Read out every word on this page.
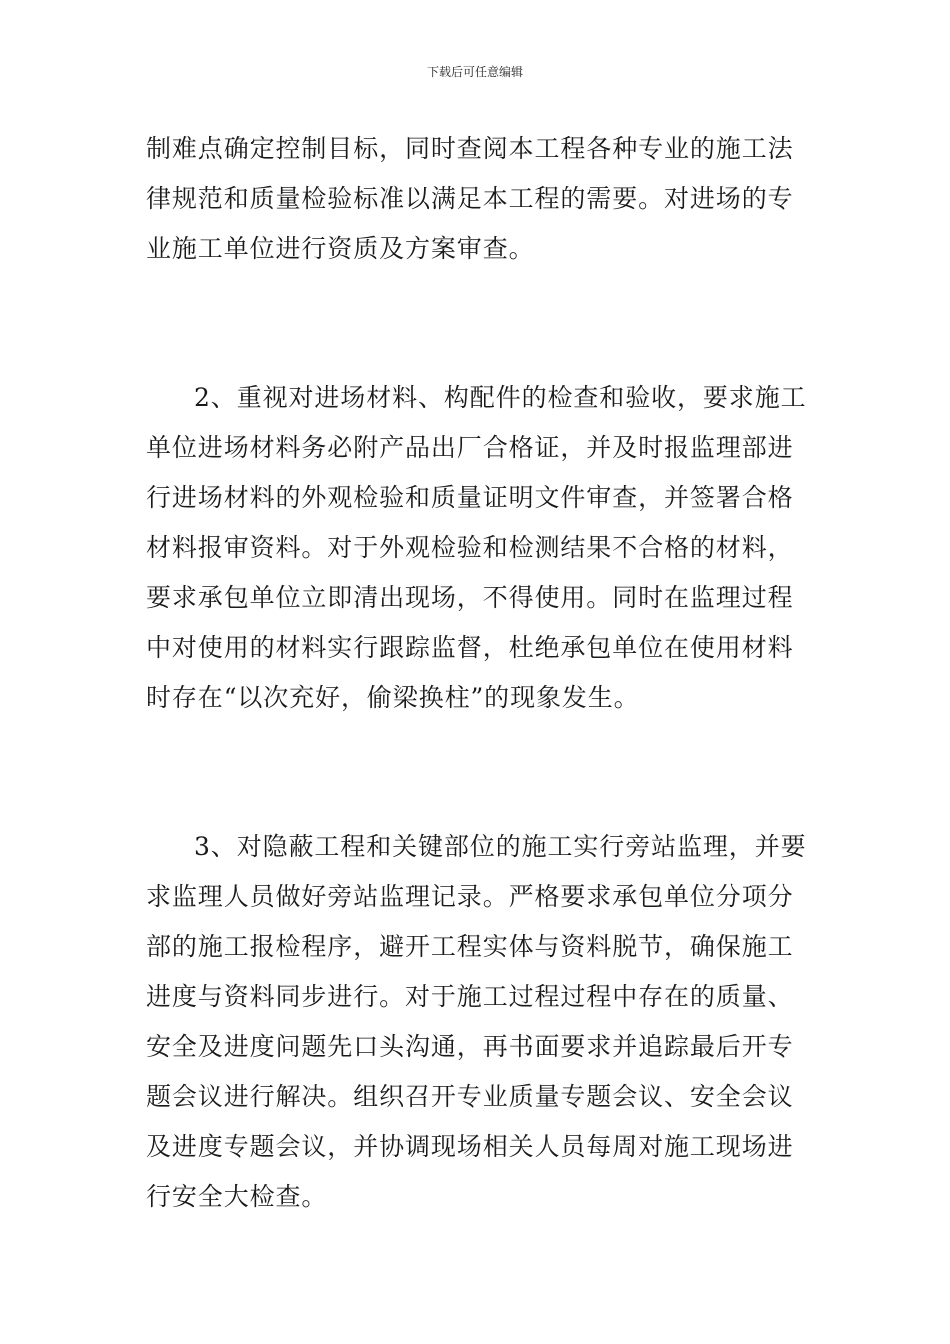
下载后可任意编辑
制难点确定控制目标，同时查阅本工程各种专业的施工法
律规范和质量检验标准以满足本工程的需要。对进场的专
业施工单位进行资质及方案审查。
2、重视对进场材料、构配件的检查和验收，要求施工
单位进场材料务必附产品出厂合格证，并及时报监理部进
行进场材料的外观检验和质量证明文件审查，并签署合格
材料报审资料。对于外观检验和检测结果不合格的材料，
要求承包单位立即清出现场，不得使用。同时在监理过程
中对使用的材料实行跟踪监督，杜绝承包单位在使用材料
时存在“以次充好，偷梁换柱”的现象发生。
3、对隐蔽工程和关键部位的施工实行旁站监理，并要
求监理人员做好旁站监理记录。严格要求承包单位分项分
部的施工报检程序，避开工程实体与资料脱节，确保施工
进度与资料同步进行。对于施工过程过程中存在的质量、
安全及进度问题先口头沟通，再书面要求并追踪最后开专
题会议进行解决。组织召开专业质量专题会议、安全会议
及进度专题会议，并协调现场相关人员每周对施工现场进
行安全大检查。
